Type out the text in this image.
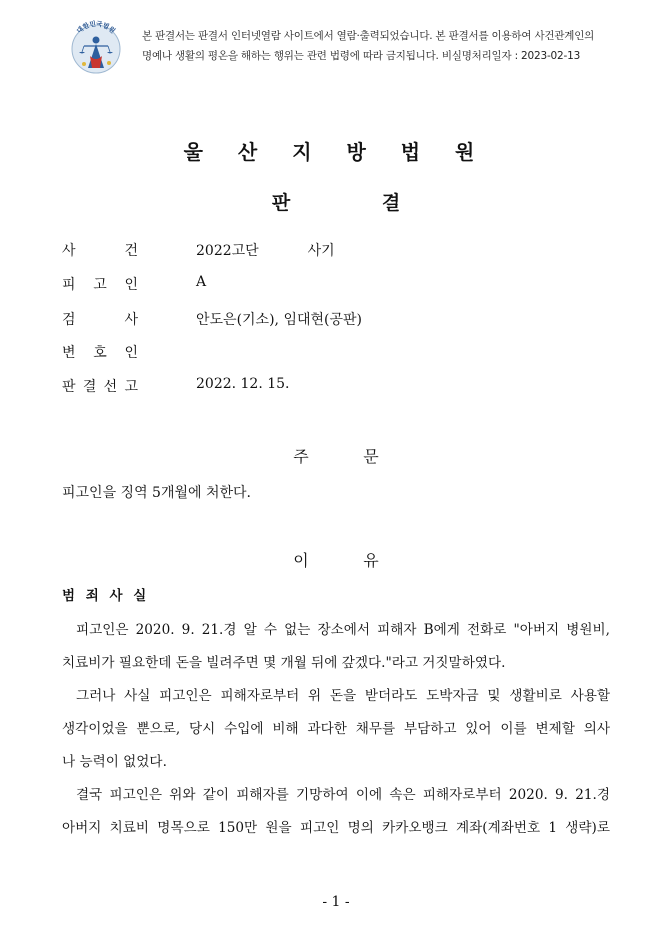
대한민국법원
본 판결서는 판결서 인터넷열람 사이트에서 열람·출력되었습니다. 본 판결서를 이용하여 사건관계인의
명예나 생활의 평온을 해하는 행위는 관련 법령에 따라 금지됩니다. 비실명처리일자 : 2023-02-13
울 산 지 방 법 원
판	결
사	건	2022고단           사기
피 고 인	A
검	사	안도은(기소), 임대현(공판)
변 호 인
판 결 선 고	2022. 12. 15.
주	문
피고인을 징역 5개월에 처한다.
이	유
범 죄 사 실

피고인은 2020. 9. 21.경 알 수 없는 장소에서 피해자 B에게 전화로 "아버지 병원비,
치료비가 필요한데 돈을 빌려주면 몇 개월 뒤에 갚겠다."라고 거짓말하였다.

그러나 사실 피고인은 피해자로부터 위 돈을 받더라도 도박자금 및 생활비로 사용할
생각이었을 뿐으로, 당시 수입에 비해 과다한 채무를 부담하고 있어 이를 변제할 의사
나 능력이 없었다.

결국 피고인은 위와 같이 피해자를 기망하여 이에 속은 피해자로부터 2020. 9. 21.경
아버지 치료비 명목으로 150만 원을 피고인 명의 카카오뱅크 계좌(계좌번호 1 생략)로

- 1 -
